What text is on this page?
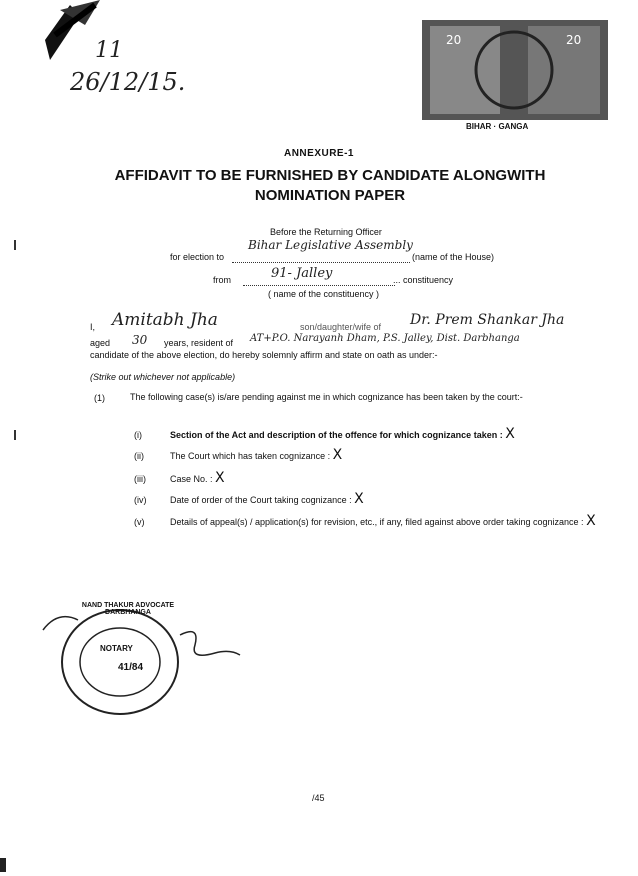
11
26/12/15.
20	20
BIHAR · GANGA
ANNEXURE-1
AFFIDAVIT TO BE FURNISHED BY CANDIDATE ALONGWITH
NOMINATION PAPER
Before the Returning Officer
for election to
Bihar Legislative Assembly
(name of the House)
from	91- Jalley	... constituency
( name of the constituency )
I, Amitabh Jha	son/daughter/wife of Dr. Prem Shankar Jha
aged 30 years, resident of AT+P.O. Narayanh Dham, P.S. Jalley, Dist. Darbhanga
candidate of the above election, do hereby solemnly affirm and state on oath as under:-
(Strike out whichever not applicable)
(1)	The following case(s) is/are pending against me in which cognizance has been taken by the court:-
(i)	Section of the Act and description of the offence for which cognizance taken : X
(ii)	The Court which has taken cognizance : X
(iii)	Case No. : X
(iv)	Date of order of the Court taking cognizance : X
(v)	Details of appeal(s) / application(s) for revision, etc., if any, filed against above order taking cognizance : X
NAND THAKUR ADVOCATE DARBHANGA
NOTARY
41/84
/45
